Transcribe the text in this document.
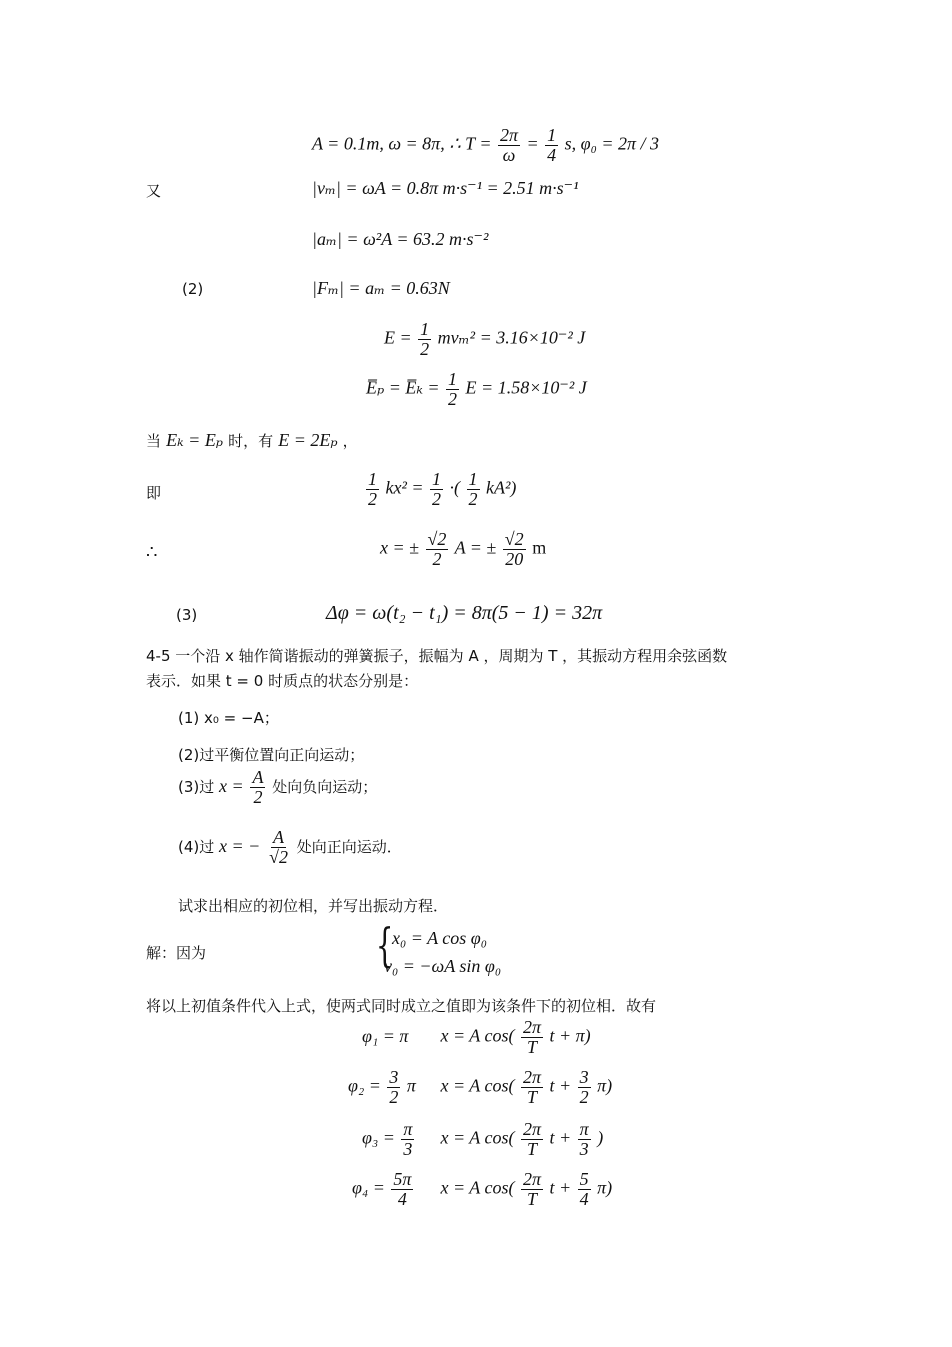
A = 0.1m, ω = 8π, ∴ $T = \frac{2\pi}{\omega} = \frac{1}{4} s$, φ₀ = 2π / 3
又	|vₘ| = ωA = 0.8π m·s⁻¹ = 2.51 m·s⁻¹
|aₘ| = ω²A = 63.2 m·s⁻²
(2)	|Fₘ| = aₘ = 0.63N
$E = \frac{1}{2} mv_m^2 = 3.16\times 10^{-2}$ J
E̅ₚ = E̅ₖ = $\frac{1}{2}$ E = 1.58×10⁻² J
当 Eₖ = Eₚ 时，有 E = 2Eₚ ，
即	$\frac{1}{2} kx^2 = \frac{1}{2}$ ·( $\frac{1}{2} kA^2$)
∴	x = ± $\frac{√2}{2}$ A = ± $\frac{√2}{20}$ m
(3)	Δφ = ω(t₂ − t₁) = 8π(5 − 1) = 32π
4-5 一个沿 x 轴作简谐振动的弹簧振子，振幅为 A ，周期为 T ，其振动方程用余弦函数
表示．如果 t = 0 时质点的状态分别是：
(1) x₀ = −A；
(2)过平衡位置向正向运动；
(3)过 $x = \frac{A}{2}$ 处向负向运动；
(4)过 x = − $\frac{A}{√2}$ 处向正向运动．
试求出相应的初位相，并写出振动方程．
解：因为	{
x₀ = A cos φ₀
v₀ = −ωA sin φ₀
将以上初值条件代入上式，使两式同时成立之值即为该条件下的初位相．故有
φ₁ = π x = A $\cos( \frac{2\pi}{T}$ t + π)
$\varphi_2 = \frac{3}{2}$ π x = A $\cos( \frac{2\pi}{T}$ $t + \frac{3}{2} \pi$)
$\varphi_3 = \frac{\pi}{3}$ x = A $\cos( \frac{2\pi}{T}$ $t + \frac{\pi}{3}$ )
$\varphi_4 = \frac{5\pi}{4}$ x = A $\cos( \frac{2\pi}{T}$ $t + \frac{5}{4} \pi$)
